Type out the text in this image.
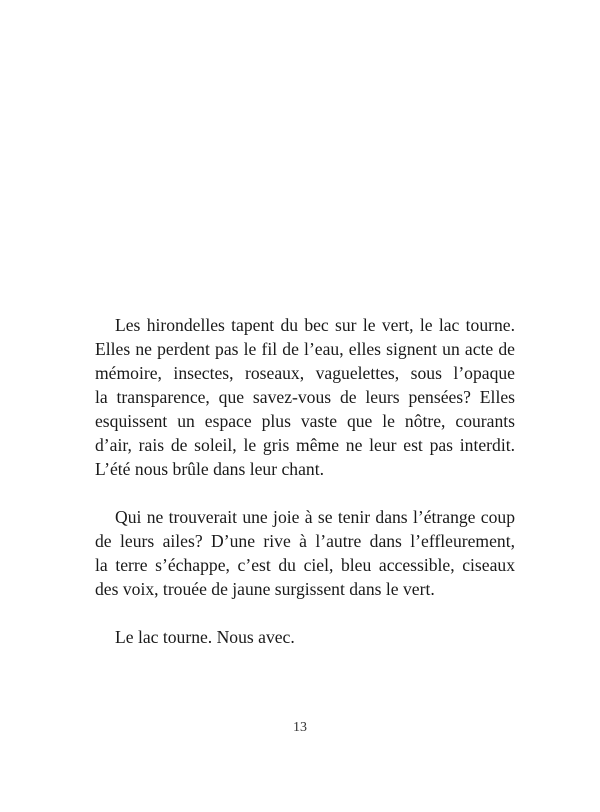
Les hirondelles tapent du bec sur le vert, le lac tourne.
Elles ne perdent pas le fil de l’eau, elles signent un acte de
mémoire, insectes, roseaux, vaguelettes, sous l’opaque
la transparence, que savez-vous de leurs pensées? Elles
esquissent un espace plus vaste que le nôtre, courants
d’air, rais de soleil, le gris même ne leur est pas interdit.
L’été nous brûle dans leur chant.
Qui ne trouverait une joie à se tenir dans l’étrange coup
de leurs ailes? D’une rive à l’autre dans l’effleurement,
la terre s’échappe, c’est du ciel, bleu accessible, ciseaux
des voix, trouée de jaune surgissent dans le vert.
Le lac tourne. Nous avec.
13
